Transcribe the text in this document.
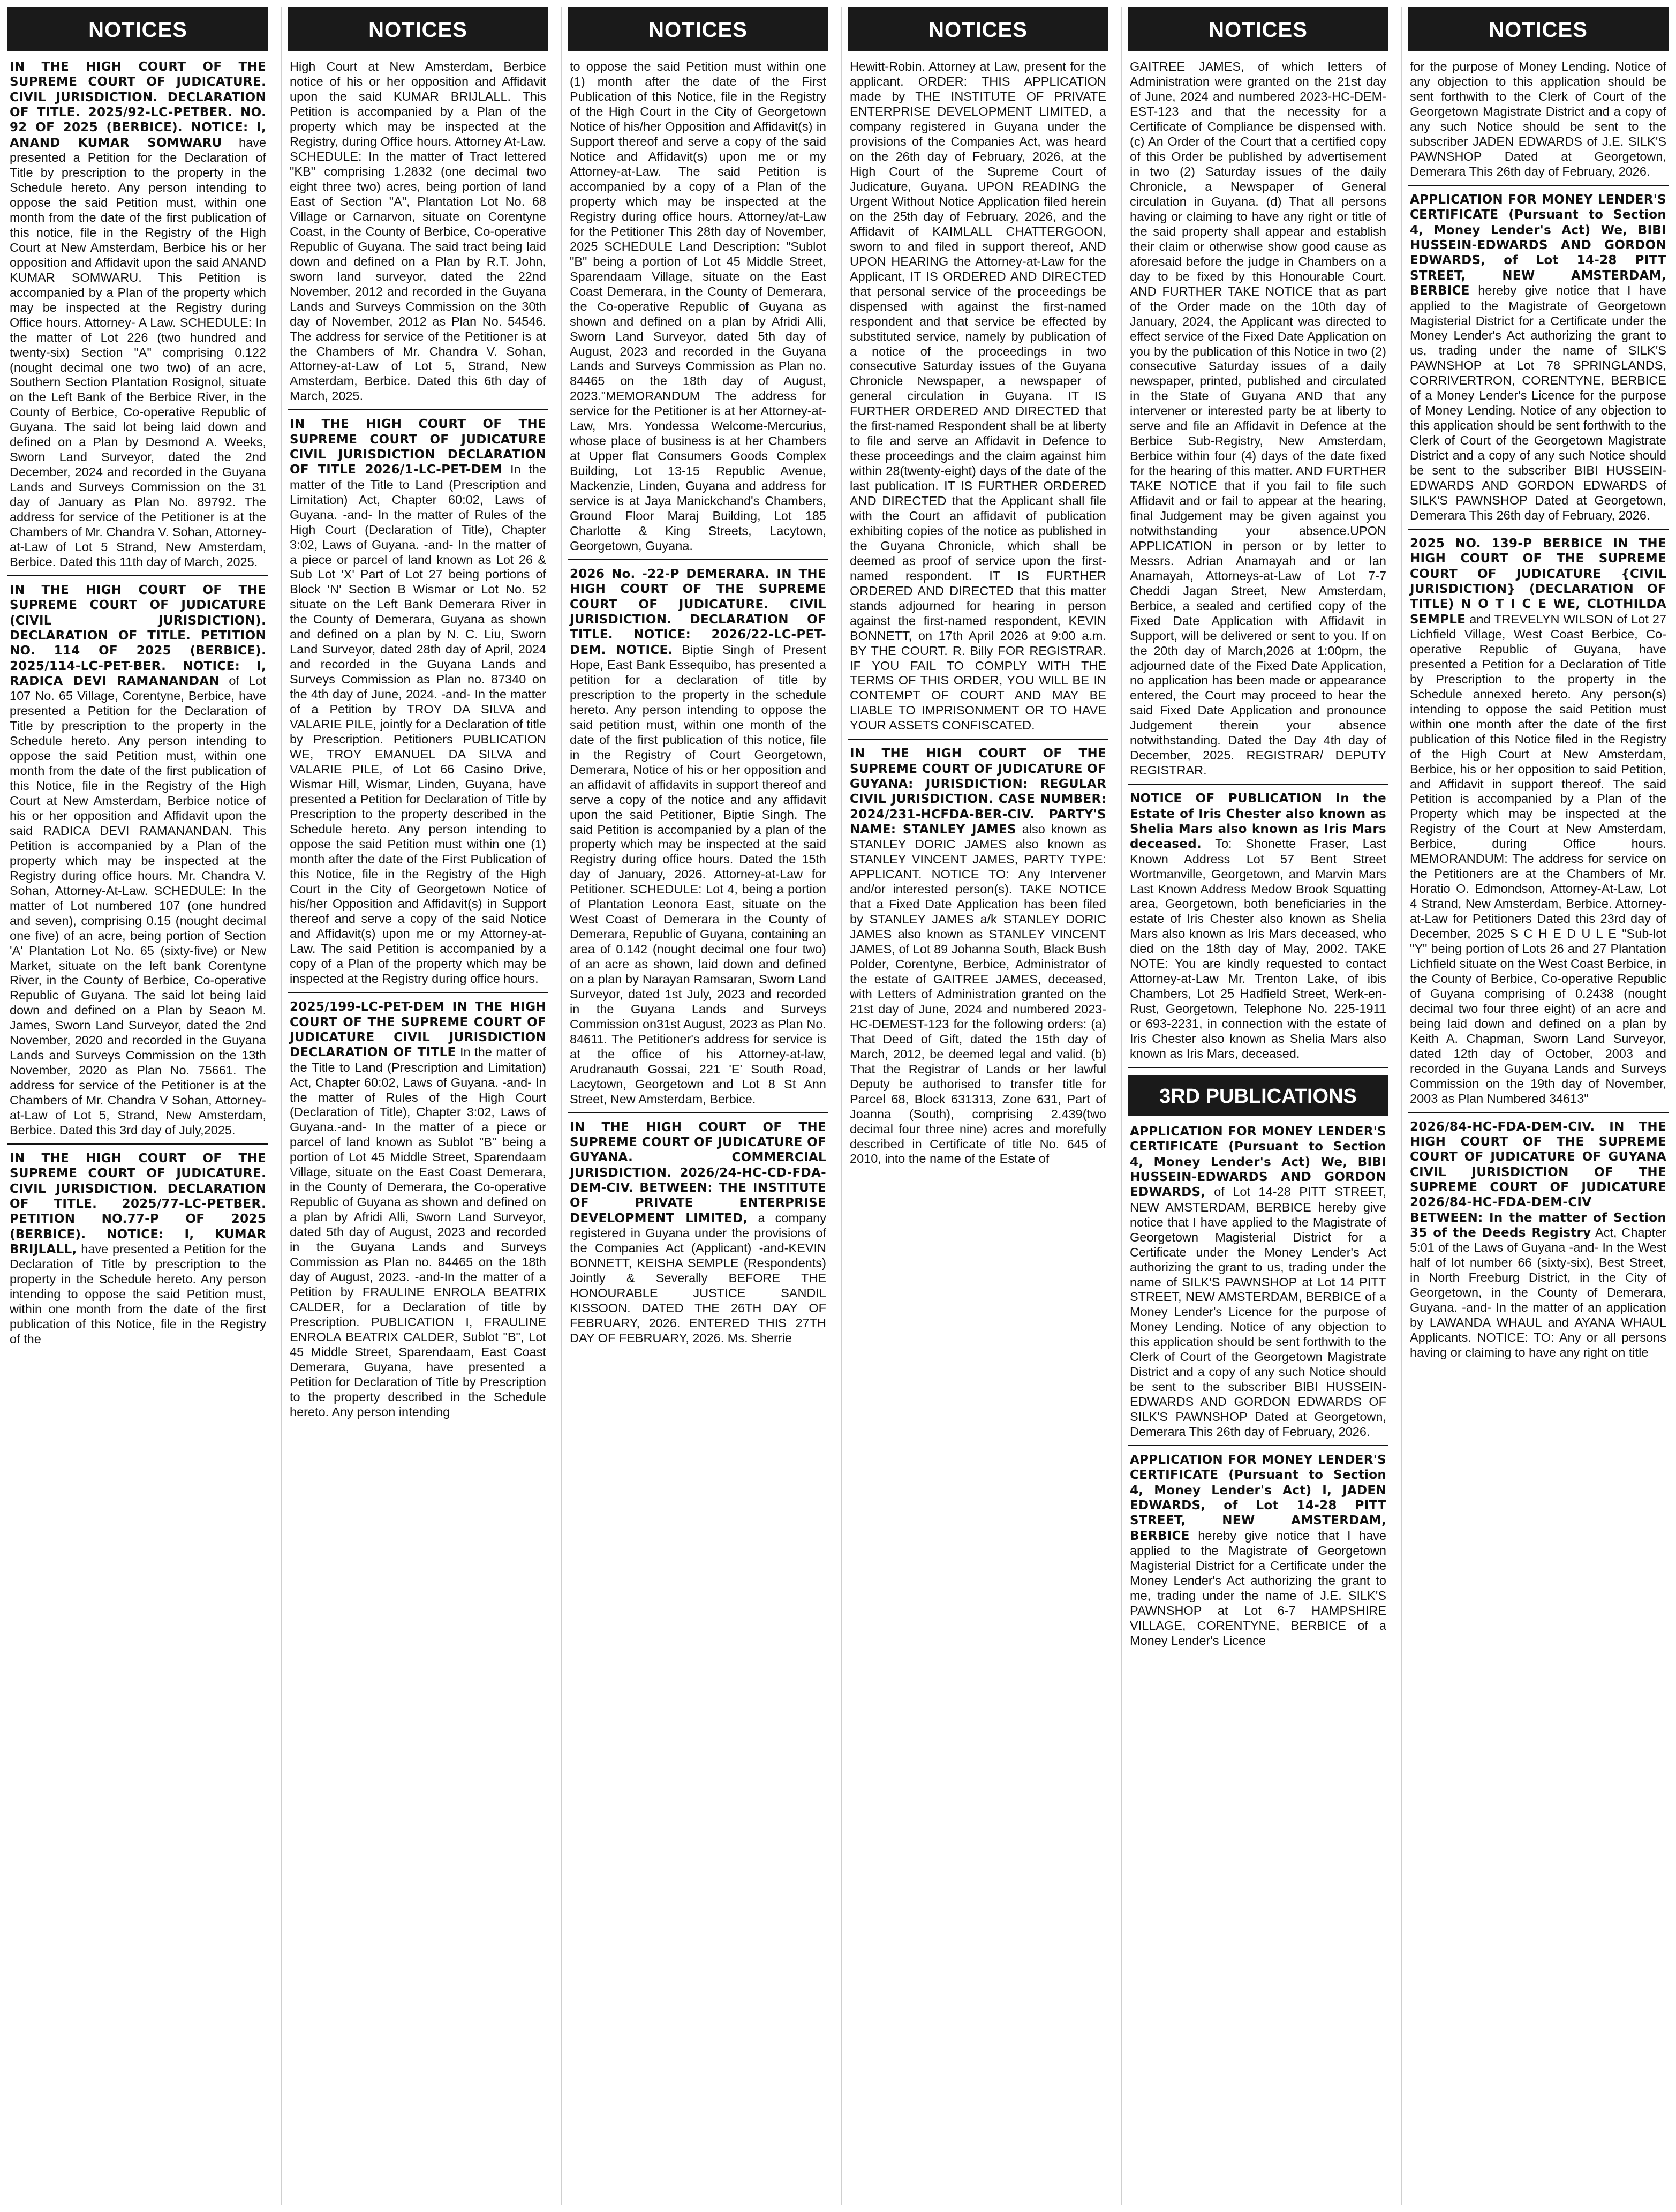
NOTICES
IN THE HIGH COURT OF THE SUPREME COURT OF JUDICATURE. CIVIL JURISDICTION. DECLARATION OF TITLE. 2025/92-LC-PETBER. NO. 92 OF 2025 (BERBICE). NOTICE: I, ANAND KUMAR SOMWARU have presented a Petition for the Declaration of Title by prescription to the property in the Schedule hereto. Any person intending to oppose the said Petition must, within one month from the date of the first publication of this notice, file in the Registry of the High Court at New Amsterdam, Berbice his or her opposition and Affidavit upon the said ANAND KUMAR SOMWARU. This Petition is accompanied by a Plan of the property which may be inspected at the Registry during Office hours. Attorney- A Law. SCHEDULE: In the matter of Lot 226 (two hundred and twenty-six) Section "A" comprising 0.122 (nought decimal one two two) of an acre, Southern Section Plantation Rosignol, situate on the Left Bank of the Berbice River, in the County of Berbice, Co-operative Republic of Guyana. The said lot being laid down and defined on a Plan by Desmond A. Weeks, Sworn Land Surveyor, dated the 2nd December, 2024 and recorded in the Guyana Lands and Surveys Commission on the 31 day of January as Plan No. 89792. The address for service of the Petitioner is at the Chambers of Mr. Chandra V. Sohan, Attorney- at-Law of Lot 5 Strand, New Amsterdam, Berbice. Dated this 11th day of March, 2025.
IN THE HIGH COURT OF THE SUPREME COURT OF JUDICATURE (CIVIL JURISDICTION). DECLARATION OF TITLE. PETITION NO. 114 OF 2025 (BERBICE). 2025/114-LC-PET-BER. NOTICE: I, RADICA DEVI RAMANANDAN of Lot 107 No. 65 Village, Corentyne, Berbice, have presented a Petition for the Declaration of Title by prescription to the property in the Schedule hereto. Any person intending to oppose the said Petition must, within one month from the date of the first publication of this Notice, file in the Registry of the High Court at New Amsterdam, Berbice notice of his or her opposition and Affidavit upon the said RADICA DEVI RAMANANDAN. This Petition is accompanied by a Plan of the property which may be inspected at the Registry during office hours. Mr. Chandra V. Sohan, Attorney-At-Law. SCHEDULE: In the matter of Lot numbered 107 (one hundred and seven), comprising 0.15 (nought decimal one five) of an acre, being portion of Section 'A' Plantation Lot No. 65 (sixty-five) or New Market, situate on the left bank Corentyne River, in the County of Berbice, Co-operative Republic of Guyana. The said lot being laid down and defined on a Plan by Seaon M. James, Sworn Land Surveyor, dated the 2nd November, 2020 and recorded in the Guyana Lands and Surveys Commission on the 13th November, 2020 as Plan No. 75661. The address for service of the Petitioner is at the Chambers of Mr. Chandra V Sohan, Attorney-at-Law of Lot 5, Strand, New Amsterdam, Berbice. Dated this 3rd day of July,2025.
IN THE HIGH COURT OF THE SUPREME COURT OF JUDICATURE. CIVIL JURISDICTION. DECLARATION OF TITLE. 2025/77-LC-PETBER. PETITION NO.77-P OF 2025 (BERBICE). NOTICE: I, KUMAR BRIJLALL, have presented a Petition for the Declaration of Title by prescription to the property in the Schedule hereto. Any person intending to oppose the said Petition must, within one month from the date of the first publication of this Notice, file in the Registry of the
NOTICES
High Court at New Amsterdam, Berbice notice of his or her opposition and Affidavit upon the said KUMAR BRIJLALL. This Petition is accompanied by a Plan of the property which may be inspected at the Registry, during Office hours. Attorney At-Law. SCHEDULE: In the matter of Tract lettered "KB" comprising 1.2832 (one decimal two eight three two) acres, being portion of land East of Section "A", Plantation Lot No. 68 Village or Carnarvon, situate on Corentyne Coast, in the County of Berbice, Co-operative Republic of Guyana. The said tract being laid down and defined on a Plan by R.T. John, sworn land surveyor, dated the 22nd November, 2012 and recorded in the Guyana Lands and Surveys Commission on the 30th day of November, 2012 as Plan No. 54546. The address for service of the Petitioner is at the Chambers of Mr. Chandra V. Sohan, Attorney-at-Law of Lot 5, Strand, New Amsterdam, Berbice. Dated this 6th day of March, 2025.
IN THE HIGH COURT OF THE SUPREME COURT OF JUDICATURE CIVIL JURISDICTION DECLARATION OF TITLE 2026/1-LC-PET-DEM In the matter of the Title to Land (Prescription and Limitation) Act, Chapter 60:02, Laws of Guyana. -and- In the matter of Rules of the High Court (Declaration of Title), Chapter 3:02, Laws of Guyana. -and- In the matter of a piece or parcel of land known as Lot 26 & Sub Lot 'X' Part of Lot 27 being portions of Block 'N' Section B Wismar or Lot No. 52 situate on the Left Bank Demerara River in the County of Demerara, Guyana as shown and defined on a plan by N. C. Liu, Sworn Land Surveyor, dated 28th day of April, 2024 and recorded in the Guyana Lands and Surveys Commission as Plan no. 87340 on the 4th day of June, 2024. -and- In the matter of a Petition by TROY DA SILVA and VALARIE PILE, jointly for a Declaration of title by Prescription. Petitioners PUBLICATION WE, TROY EMANUEL DA SILVA and VALARIE PILE, of Lot 66 Casino Drive, Wismar Hill, Wismar, Linden, Guyana, have presented a Petition for Declaration of Title by Prescription to the property described in the Schedule hereto. Any person intending to oppose the said Petition must within one (1) month after the date of the First Publication of this Notice, file in the Registry of the High Court in the City of Georgetown Notice of his/her Opposition and Affidavit(s) in Support thereof and serve a copy of the said Notice and Affidavit(s) upon me or my Attorney-at-Law. The said Petition is accompanied by a copy of a Plan of the property which may be inspected at the Registry during office hours.
2025/199-LC-PET-DEM IN THE HIGH COURT OF THE SUPREME COURT OF JUDICATURE CIVIL JURISDICTION DECLARATION OF TITLE In the matter of the Title to Land (Prescription and Limitation) Act, Chapter 60:02, Laws of Guyana. -and- In the matter of Rules of the High Court (Declaration of Title), Chapter 3:02, Laws of Guyana.-and- In the matter of a piece or parcel of land known as Sublot "B" being a portion of Lot 45 Middle Street, Sparendaam Village, situate on the East Coast Demerara, in the County of Demerara, the Co-operative Republic of Guyana as shown and defined on a plan by Afridi Alli, Sworn Land Surveyor, dated 5th day of August, 2023 and recorded in the Guyana Lands and Surveys Commission as Plan no. 84465 on the 18th day of August, 2023. -and-In the matter of a Petition by FRAULINE ENROLA BEATRIX CALDER, for a Declaration of title by Prescription. PUBLICATION I, FRAULINE ENROLA BEATRIX CALDER, Sublot "B", Lot 45 Middle Street, Sparendaam, East Coast Demerara, Guyana, have presented a Petition for Declaration of Title by Prescription to the property described in the Schedule hereto. Any person intending
NOTICES
to oppose the said Petition must within one (1) month after the date of the First Publication of this Notice, file in the Registry of the High Court in the City of Georgetown Notice of his/her Opposition and Affidavit(s) in Support thereof and serve a copy of the said Notice and Affidavit(s) upon me or my Attorney-at-Law. The said Petition is accompanied by a copy of a Plan of the property which may be inspected at the Registry during office hours. Attorney/at-Law for the Petitioner This 28th day of November, 2025 SCHEDULE Land Description: "Sublot "B" being a portion of Lot 45 Middle Street, Sparendaam Village, situate on the East Coast Demerara, in the County of Demerara, the Co-operative Republic of Guyana as shown and defined on a plan by Afridi Alli, Sworn Land Surveyor, dated 5th day of August, 2023 and recorded in the Guyana Lands and Surveys Commission as Plan no. 84465 on the 18th day of August, 2023."MEMORANDUM The address for service for the Petitioner is at her Attorney-at-Law, Mrs. Yondessa Welcome-Mercurius, whose place of business is at her Chambers at Upper flat Consumers Goods Complex Building, Lot 13-15 Republic Avenue, Mackenzie, Linden, Guyana and address for service is at Jaya Manickchand's Chambers, Ground Floor Maraj Building, Lot 185 Charlotte & King Streets, Lacytown, Georgetown, Guyana.
2026 No. -22-P DEMERARA. IN THE HIGH COURT OF THE SUPREME COURT OF JUDICATURE. CIVIL JURISDICTION. DECLARATION OF TITLE. NOTICE: 2026/22-LC-PET-DEM. NOTICE. Biptie Singh of Present Hope, East Bank Essequibo, has presented a petition for a declaration of title by prescription to the property in the schedule hereto. Any person intending to oppose the said petition must, within one month of the date of the first publication of this notice, file in the Registry of Court Georgetown, Demerara, Notice of his or her opposition and an affidavit of affidavits in support thereof and serve a copy of the notice and any affidavit upon the said Petitioner, Biptie Singh. The said Petition is accompanied by a plan of the property which may be inspected at the said Registry during office hours. Dated the 15th day of January, 2026. Attorney-at-Law for Petitioner. SCHEDULE: Lot 4, being a portion of Plantation Leonora East, situate on the West Coast of Demerara in the County of Demerara, Republic of Guyana, containing an area of 0.142 (nought decimal one four two) of an acre as shown, laid down and defined on a plan by Narayan Ramsaran, Sworn Land Surveyor, dated 1st July, 2023 and recorded in the Guyana Lands and Surveys Commission on31st August, 2023 as Plan No. 84611. The Petitioner's address for service is at the office of his Attorney-at-law, Arudranauth Gossai, 221 'E' South Road, Lacytown, Georgetown and Lot 8 St Ann Street, New Amsterdam, Berbice.
IN THE HIGH COURT OF THE SUPREME COURT OF JUDICATURE OF GUYANA. COMMERCIAL JURISDICTION. 2026/24-HC-CD-FDA-DEM-CIV. BETWEEN: THE INSTITUTE OF PRIVATE ENTERPRISE DEVELOPMENT LIMITED, a company registered in Guyana under the provisions of the Companies Act (Applicant) -and-KEVIN BONNETT, KEISHA SEMPLE (Respondents) Jointly & Severally BEFORE THE HONOURABLE JUSTICE SANDIL KISSOON. DATED THE 26TH DAY OF FEBRUARY, 2026. ENTERED THIS 27TH DAY OF FEBRUARY, 2026. Ms. Sherrie
NOTICES
Hewitt-Robin. Attorney at Law, present for the applicant. ORDER: THIS APPLICATION made by THE INSTITUTE OF PRIVATE ENTERPRISE DEVELOPMENT LIMITED, a company registered in Guyana under the provisions of the Companies Act, was heard on the 26th day of February, 2026, at the High Court of the Supreme Court of Judicature, Guyana. UPON READING the Urgent Without Notice Application filed herein on the 25th day of February, 2026, and the Affidavit of KAIMLALL CHATTERGOON, sworn to and filed in support thereof, AND UPON HEARING the Attorney-at-Law for the Applicant, IT IS ORDERED AND DIRECTED that personal service of the proceedings be dispensed with against the first-named respondent and that service be effected by substituted service, namely by publication of a notice of the proceedings in two consecutive Saturday issues of the Guyana Chronicle Newspaper, a newspaper of general circulation in Guyana. IT IS FURTHER ORDERED AND DIRECTED that the first-named Respondent shall be at liberty to file and serve an Affidavit in Defence to these proceedings and the claim against him within 28(twenty-eight) days of the date of the last publication. IT IS FURTHER ORDERED AND DIRECTED that the Applicant shall file with the Court an affidavit of publication exhibiting copies of the notice as published in the Guyana Chronicle, which shall be deemed as proof of service upon the first- named respondent. IT IS FURTHER ORDERED AND DIRECTED that this matter stands adjourned for hearing in person against the first-named respondent, KEVIN BONNETT, on 17th April 2026 at 9:00 a.m. BY THE COURT. R. Billy FOR REGISTRAR. IF YOU FAIL TO COMPLY WITH THE TERMS OF THIS ORDER, YOU WILL BE IN CONTEMPT OF COURT AND MAY BE LIABLE TO IMPRISONMENT OR TO HAVE YOUR ASSETS CONFISCATED.
IN THE HIGH COURT OF THE SUPREME COURT OF JUDICATURE OF GUYANA: JURISDICTION: REGULAR CIVIL JURISDICTION. CASE NUMBER: 2024/231-HCFDA-BER-CIV. PARTY'S NAME: STANLEY JAMES also known as STANLEY DORIC JAMES also known as STANLEY VINCENT JAMES, PARTY TYPE: APPLICANT. NOTICE TO: Any Intervener and/or interested person(s). TAKE NOTICE that a Fixed Date Application has been filed by STANLEY JAMES a/k STANLEY DORIC JAMES also known as STANLEY VINCENT JAMES, of Lot 89 Johanna South, Black Bush Polder, Corentyne, Berbice, Administrator of the estate of GAITREE JAMES, deceased, with Letters of Administration granted on the 21st day of June, 2024 and numbered 2023-HC-DEMEST-123 for the following orders: (a) That Deed of Gift, dated the 15th day of March, 2012, be deemed legal and valid. (b) That the Registrar of Lands or her lawful Deputy be authorised to transfer title for Parcel 68, Block 631313, Zone 631, Part of Joanna (South), comprising 2.439(two decimal four three nine) acres and morefully described in Certificate of title No. 645 of 2010, into the name of the Estate of
NOTICES
GAITREE JAMES, of which letters of Administration were granted on the 21st day of June, 2024 and numbered 2023-HC-DEM-EST-123 and that the necessity for a Certificate of Compliance be dispensed with. (c) An Order of the Court that a certified copy of this Order be published by advertisement in two (2) Saturday issues of the daily Chronicle, a Newspaper of General circulation in Guyana. (d) That all persons having or claiming to have any right or title of the said property shall appear and establish their claim or otherwise show good cause as aforesaid before the judge in Chambers on a day to be fixed by this Honourable Court. AND FURTHER TAKE NOTICE that as part of the Order made on the 10th day of January, 2024, the Applicant was directed to effect service of the Fixed Date Application on you by the publication of this Notice in two (2) consecutive Saturday issues of a daily newspaper, printed, published and circulated in the State of Guyana AND that any intervener or interested party be at liberty to serve and file an Affidavit in Defence at the Berbice Sub-Registry, New Amsterdam, Berbice within four (4) days of the date fixed for the hearing of this matter. AND FURTHER TAKE NOTICE that if you fail to file such Affidavit and or fail to appear at the hearing, final Judgement may be given against you notwithstanding your absence.UPON APPLICATION in person or by letter to Messrs. Adrian Anamayah and or Ian Anamayah, Attorneys-at-Law of Lot 7-7 Cheddi Jagan Street, New Amsterdam, Berbice, a sealed and certified copy of the Fixed Date Application with Affidavit in Support, will be delivered or sent to you. If on the 20th day of March,2026 at 1:00pm, the adjourned date of the Fixed Date Application, no application has been made or appearance entered, the Court may proceed to hear the said Fixed Date Application and pronounce Judgement therein your absence notwithstanding. Dated the Day 4th day of December, 2025. REGISTRAR/ DEPUTY REGISTRAR.
NOTICE OF PUBLICATION In the Estate of Iris Chester also known as Shelia Mars also known as Iris Mars deceased. To: Shonette Fraser, Last Known Address Lot 57 Bent Street Wortmanville, Georgetown, and Marvin Mars Last Known Address Medow Brook Squatting area, Georgetown, both beneficiaries in the estate of Iris Chester also known as Shelia Mars also known as Iris Mars deceased, who died on the 18th day of May, 2002. TAKE NOTE: You are kindly requested to contact Attorney-at-Law Mr. Trenton Lake, of ibis Chambers, Lot 25 Hadfield Street, Werk-en-Rust, Georgetown, Telephone No. 225-1911 or 693-2231, in connection with the estate of Iris Chester also known as Shelia Mars also known as Iris Mars, deceased.
3RD PUBLICATIONS
APPLICATION FOR MONEY LENDER'S CERTIFICATE (Pursuant to Section 4, Money Lender's Act) We, BIBI HUSSEIN-EDWARDS AND GORDON EDWARDS, of Lot 14-28 PITT STREET, NEW AMSTERDAM, BERBICE hereby give notice that I have applied to the Magistrate of Georgetown Magisterial District for a Certificate under the Money Lender's Act authorizing the grant to us, trading under the name of SILK'S PAWNSHOP at Lot 14 PITT STREET, NEW AMSTERDAM, BERBICE of a Money Lender's Licence for the purpose of Money Lending. Notice of any objection to this application should be sent forthwith to the Clerk of Court of the Georgetown Magistrate District and a copy of any such Notice should be sent to the subscriber BIBI HUSSEIN-EDWARDS AND GORDON EDWARDS OF SILK'S PAWNSHOP Dated at Georgetown, Demerara This 26th day of February, 2026.
APPLICATION FOR MONEY LENDER'S CERTIFICATE (Pursuant to Section 4, Money Lender's Act) I, JADEN EDWARDS, of Lot 14-28 PITT STREET, NEW AMSTERDAM, BERBICE hereby give notice that I have applied to the Magistrate of Georgetown Magisterial District for a Certificate under the Money Lender's Act authorizing the grant to me, trading under the name of J.E. SILK'S PAWNSHOP at Lot 6-7 HAMPSHIRE VILLAGE, CORENTYNE, BERBICE of a Money Lender's Licence
NOTICES
for the purpose of Money Lending. Notice of any objection to this application should be sent forthwith to the Clerk of Court of the Georgetown Magistrate District and a copy of any such Notice should be sent to the subscriber JADEN EDWARDS of J.E. SILK'S PAWNSHOP Dated at Georgetown, Demerara This 26th day of February, 2026.
APPLICATION FOR MONEY LENDER'S CERTIFICATE (Pursuant to Section 4, Money Lender's Act) We, BIBI HUSSEIN-EDWARDS AND GORDON EDWARDS, of Lot 14-28 PITT STREET, NEW AMSTERDAM, BERBICE hereby give notice that I have applied to the Magistrate of Georgetown Magisterial District for a Certificate under the Money Lender's Act authorizing the grant to us, trading under the name of SILK'S PAWNSHOP at Lot 78 SPRINGLANDS, CORRIVERTRON, CORENTYNE, BERBICE of a Money Lender's Licence for the purpose of Money Lending. Notice of any objection to this application should be sent forthwith to the Clerk of Court of the Georgetown Magistrate District and a copy of any such Notice should be sent to the subscriber BIBI HUSSEIN-EDWARDS AND GORDON EDWARDS of SILK'S PAWNSHOP Dated at Georgetown, Demerara This 26th day of February, 2026.
2025 NO. 139-P BERBICE IN THE HIGH COURT OF THE SUPREME COURT OF JUDICATURE {CIVIL JURISDICTION} (DECLARATION OF TITLE) N O T I C E WE, CLOTHILDA SEMPLE and TREVELYN WILSON of Lot 27 Lichfield Village, West Coast Berbice, Co-operative Republic of Guyana, have presented a Petition for a Declaration of Title by Prescription to the property in the Schedule annexed hereto. Any person(s) intending to oppose the said Petition must within one month after the date of the first publication of this Notice filed in the Registry of the High Court at New Amsterdam, Berbice, his or her opposition to said Petition, and Affidavit in support thereof. The said Petition is accompanied by a Plan of the Property which may be inspected at the Registry of the Court at New Amsterdam, Berbice, during Office hours. MEMORANDUM: The address for service on the Petitioners are at the Chambers of Mr. Horatio O. Edmondson, Attorney-At-Law, Lot 4 Strand, New Amsterdam, Berbice. Attorney-at-Law for Petitioners Dated this 23rd day of December, 2025 S C H E D U L E "Sub-lot "Y" being portion of Lots 26 and 27 Plantation Lichfield situate on the West Coast Berbice, in the County of Berbice, Co-operative Republic of Guyana comprising of 0.2438 (nought decimal two four three eight) of an acre and being laid down and defined on a plan by Keith A. Chapman, Sworn Land Surveyor, dated 12th day of October, 2003 and recorded in the Guyana Lands and Surveys Commission on the 19th day of November, 2003 as Plan Numbered 34613"
2026/84-HC-FDA-DEM-CIV. IN THE HIGH COURT OF THE SUPREME COURT OF JUDICATURE OF GUYANA CIVIL JURISDICTION OF THE SUPREME COURT OF JUDICATURE 2026/84-HC-FDA-DEM-CIV BETWEEN: In the matter of Section 35 of the Deeds Registry Act, Chapter 5:01 of the Laws of Guyana -and- In the West half of lot number 66 (sixty-six), Best Street, in North Freeburg District, in the City of Georgetown, in the County of Demerara, Guyana. -and- In the matter of an application by LAWANDA WHAUL and AYANA WHAUL Applicants. NOTICE: TO: Any or all persons having or claiming to have any right on title
